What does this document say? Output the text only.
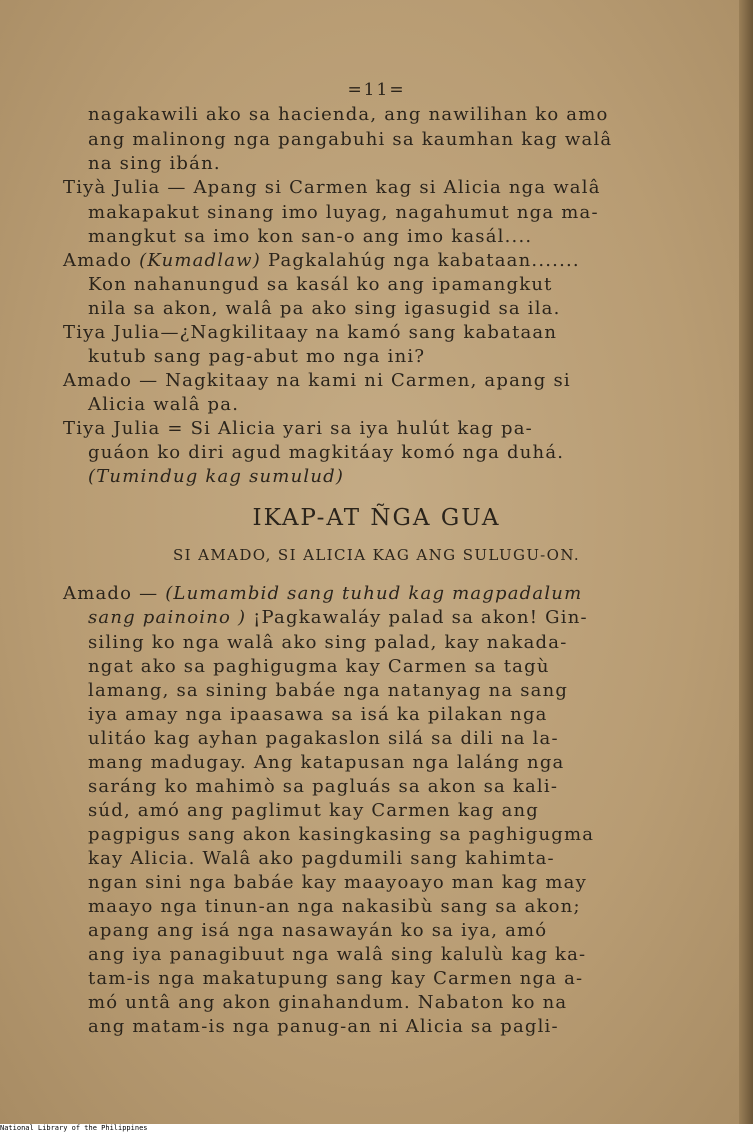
=11=
nagakawili ako sa hacienda, ang nawilihan ko amo
ang malinong nga pangabuhi sa kaumhan kag walâ
na sing ibán.
Tiyà Julia — Apang si Carmen kag si Alicia nga walâ
makapakut sinang imo luyag, nagahumut nga ma-
mangkut sa imo kon san-o ang imo kasál....
Amado (Kumadlaw) Pagkalahúg nga kabataan.......
Kon nahanungud sa kasál ko ang ipamangkut
nila sa akon, walâ pa ako sing igasugid sa ila.
Tiya Julia—¿Nagkilitaay na kamó sang kabataan
kutub sang pag-abut mo nga ini?
Amado — Nagkitaay na kami ni Carmen, apang si
Alicia walâ pa.
Tiya Julia = Si Alicia yari sa iya hulút kag pa-
guáon ko diri agud magkitáay komó nga duhá.
(Tumindug kag sumulud)
IKAP-AT ÑGA GUA
SI AMADO, SI ALICIA KAG ANG SULUGU-ON.
Amado — (Lumambid sang tuhud kag magpadalum
sang painoino ) ¡Pagkawaláy palad sa akon! Gin-
siling ko nga walâ ako sing palad, kay nakada-
ngat ako sa paghigugma kay Carmen sa tagù
lamang, sa sining babáe nga natanyag na sang
iya amay nga ipaasawa sa isá ka pilakan nga
ulitáo kag ayhan pagakaslon silá sa dili na la-
mang madugay. Ang katapusan nga laláng nga
saráng ko mahimò sa pagluás sa akon sa kali-
súd, amó ang paglimut kay Carmen kag ang
pagpigus sang akon kasingkasing sa paghigugma
kay Alicia. Walâ ako pagdumili sang kahimta-
ngan sini nga babáe kay maayoayo man kag may
maayo nga tinun-an nga nakasibù sang sa akon;
apang ang isá nga nasawayán ko sa iya, amó
ang iya panagibuut nga walâ sing kalulù kag ka-
tam-is nga makatupung sang kay Carmen nga a-
mó untâ ang akon ginahandum. Nabaton ko na
ang matam-is nga panug-an ni Alicia sa pagli-
National Library of the Philippines
